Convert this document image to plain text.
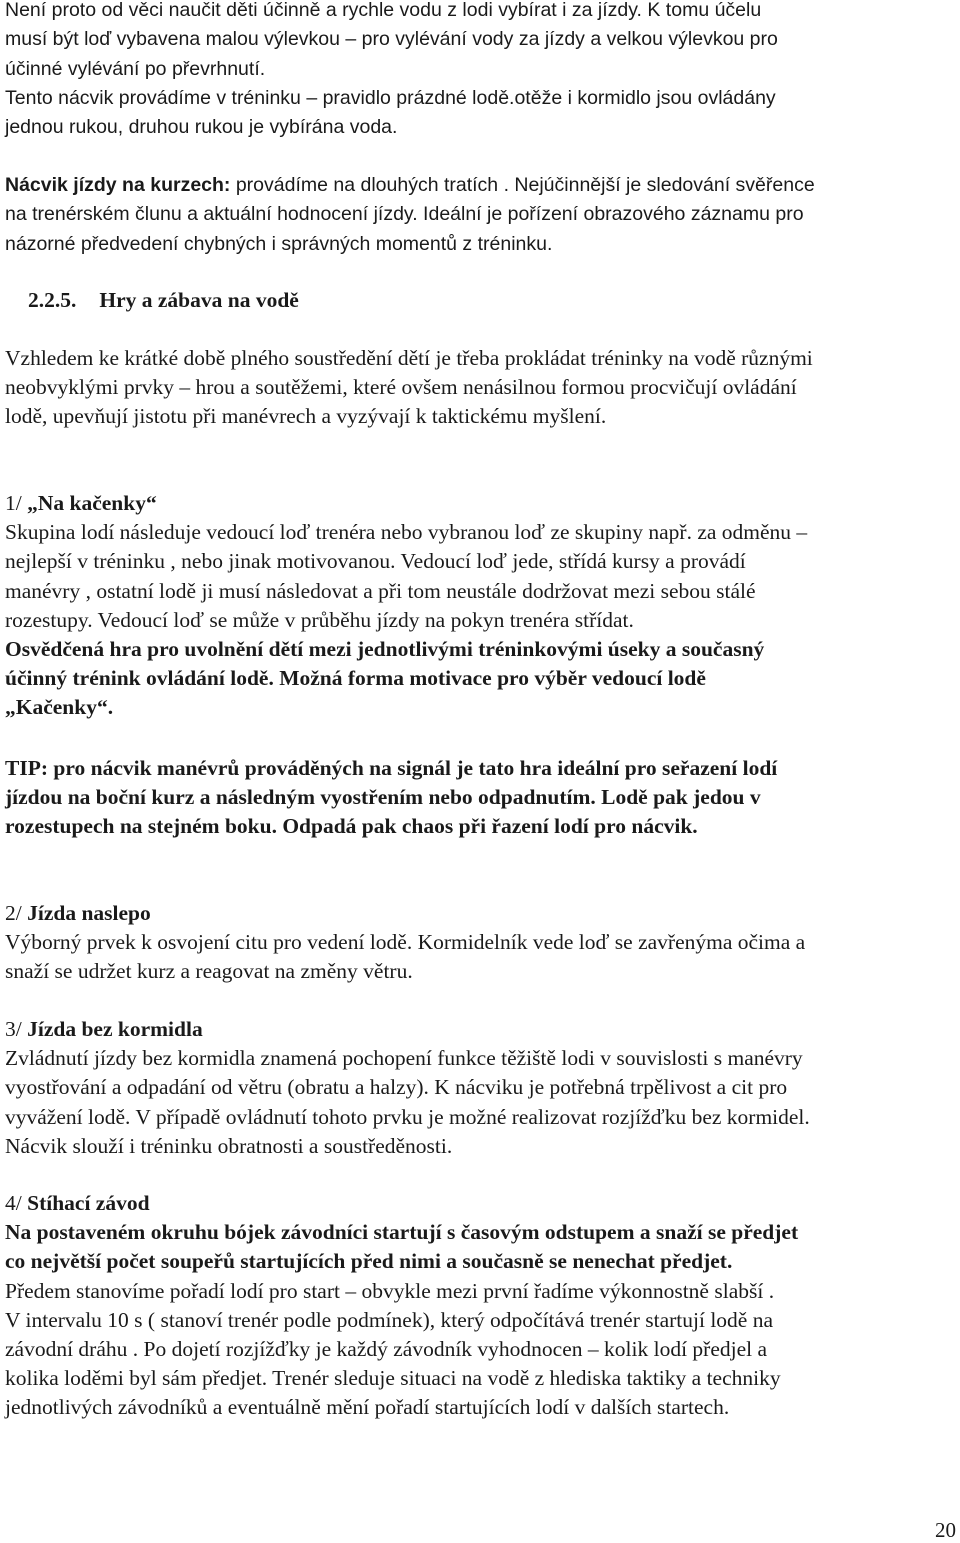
Není proto od věci naučit děti účinně a rychle vodu z lodi vybírat i za jízdy. K tomu účelu
musí být loď vybavena malou výlevkou – pro vylévání vody za jízdy a velkou výlevkou pro
účinné vylévání po převrhnutí.
Tento nácvik provádíme v tréninku – pravidlo prázdné lodě.otěže i kormidlo jsou ovládány
jednou rukou, druhou rukou je vybírána voda.
Nácvik jízdy na kurzech: provádíme na dlouhých tratích . Nejúčinnější je sledování svěřence
na trenérském člunu a aktuální hodnocení jízdy. Ideální je pořízení obrazového záznamu pro
názorné předvedení chybných i správných momentů z tréninku.
2.2.5. Hry a zábava na vodě
Vzhledem ke krátké době plného soustředění dětí je třeba prokládat tréninky na vodě různými
neobvyklými prvky – hrou a soutěžemi, které ovšem nenásilnou formou procvičují ovládání
lodě, upevňují jistotu při manévrech a vyzývají k taktickému myšlení.
1/ „Na kačenky“
Skupina lodí následuje vedoucí loď trenéra nebo vybranou loď ze skupiny např. za odměnu –
nejlepší v tréninku , nebo jinak motivovanou. Vedoucí loď jede, střídá kursy a provádí
manévry , ostatní lodě ji musí následovat a při tom neustále dodržovat mezi sebou stálé
rozestupy. Vedoucí loď se může v průběhu jízdy na pokyn trenéra střídat.
Osvědčená hra pro uvolnění dětí mezi jednotlivými tréninkovými úseky a současný
účinný trénink ovládání lodě. Možná forma motivace pro výběr vedoucí lodě
„Kačenky“.
TIP: pro nácvik manévrů prováděných na signál je tato hra ideální pro seřazení lodí
jízdou na boční kurz a následným vyostřením nebo odpadnutím. Lodě pak jedou v
rozestupech na stejném boku. Odpadá pak chaos při řazení lodí pro nácvik.
2/ Jízda naslepo
Výborný prvek k osvojení citu pro vedení lodě. Kormidelník vede loď se zavřenýma očima a
snaží se udržet kurz a reagovat na změny větru.
3/ Jízda bez kormidla
Zvládnutí jízdy bez kormidla znamená pochopení funkce těžiště lodi v souvislosti s manévry
vyostřování a odpadání od větru (obratu a halzy). K nácviku je potřebná trpělivost a cit pro
vyvážení lodě. V případě ovládnutí tohoto prvku je možné realizovat rozjížďku bez kormidel.
Nácvik slouží i tréninku obratnosti a soustředěnosti.
4/ Stíhací závod
Na postaveném okruhu bójek závodníci startují s časovým odstupem a snaží se předjet
co největší počet soupeřů startujících před nimi a současně se nenechat předjet.
Předem stanovíme pořadí lodí pro start – obvykle mezi první řadíme výkonnostně slabší .
V intervalu 10 s ( stanoví trenér podle podmínek), který odpočítává trenér startují lodě na
závodní dráhu . Po dojetí rozjížďky je každý závodník vyhodnocen – kolik lodí předjel a
kolika loděmi byl sám předjet. Trenér sleduje situaci na vodě z hlediska taktiky a techniky
jednotlivých závodníků a eventuálně mění pořadí startujících lodí v dalších startech.
20
